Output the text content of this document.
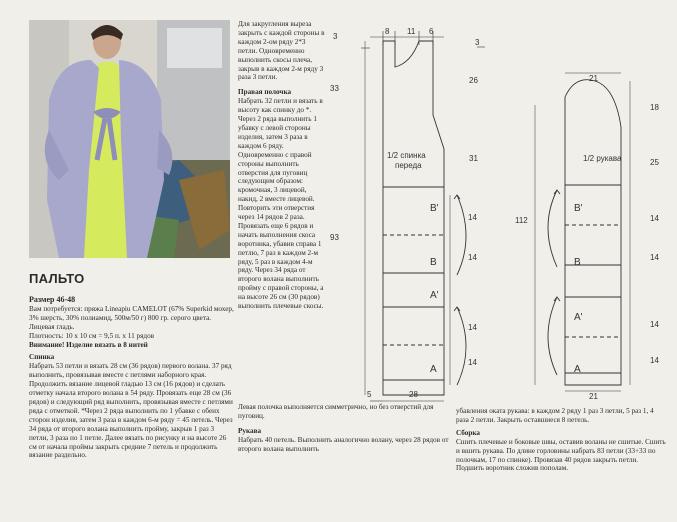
ПАЛЬТО

Размер 46-48

Вам потребуется: пряжа Lineapiu CAMELOT (67% Superkid мохер, 3% шерсть, 30% полиамид, 500м/50 г) 800 гр. серого цвета.

Лицевая гладь.

Плотность: 10 х 10 см = 9,5 п. х 11 рядов

Внимание! Изделие вязать в 8 нитей

Спинка

Набрать 53 петли и вязать 28 см (36 рядов) первого волана. 37 ряд выполнить, провязывая вместе с петлями наборного края. Продолжить вязание лицевой гладью 13 см (16 рядов) и сделать отметку начала второго волана в 54 ряду. Провязать еще 28 см (36 рядов) и следующий ряд выполнить, провязывая вместе с петлями ряда с отметкой. *Через 2 ряда выполнить по 1 убавке с обеих сторон изделия, затем 3 раза в каждом 6-м ряду = 45 петель. Через 34 ряда от второго волана выполнить пройму, закрыв 1 раз 3 петли, 3 раза по 1 петле. Далее вязать по рисунку и на высоте 26 см от начала проймы закрыть средние 7 петель и продолжить вязание раздельно.

Для закругления выреза закрыть с каждой стороны в каждом 2-ом ряду 2*3 петли. Одновременно выполнить скосы плеча, закрыв в каждом 2-м ряду 3 раза 3 петли.

Правая полочка

Набрать 32 петли и вязать в высоту как спинку до *. Через 2 ряда выполнить 1 убавку с левой стороны изделия, затем 3 раза в каждом 6 ряду. Одновременно с правой стороны выполнить отверстия для пуговиц следующим образом: кромочная, 3 лицевой, накид, 2 вместе лицевой. Повторить эти отверстия через 14 рядов 2 раза. Провязать еще 6 рядов и начать выполнения скоса воротника, убавив справа 1 петлю, 7 раз в каждом 2-м ряду, 5 раз в каждом 4-м ряду. Через 34 ряда от второго волана выполнить пройму с правой стороны, а на высоте 26 см (30 рядов) выполнить плечевые скосы.

Левая полочка выполняется симметрично, но без отверстий для пуговиц.

Рукава

Набрать 40 петель. Выполнить аналогично волану, через 28 рядов от второго волана выполнить

убавления оката рукава: в каждом 2 ряду 1 раз 3 петли, 5 раз 1, 4 раза 2 петли. Закрыть оставшиеся 8 петель.

Сборка

Сшить плечевые и боковые швы, оставив воланы не сшитые. Сшить и вшить рукава. По длине горловины набрать 83 петли (33+33 по полочкам, 17 по спинке). Провязав 40 рядов закрыть петли. Подшить воротник сложив пополам.

3
8 11 6
33
93
1/2 спинка
переда
B'
B
A'
A
14
14
14
14
5	28
3
26
31
112
21
21
1/2 рукава
B'
B
A'
A
18
25
14
14
14
14
